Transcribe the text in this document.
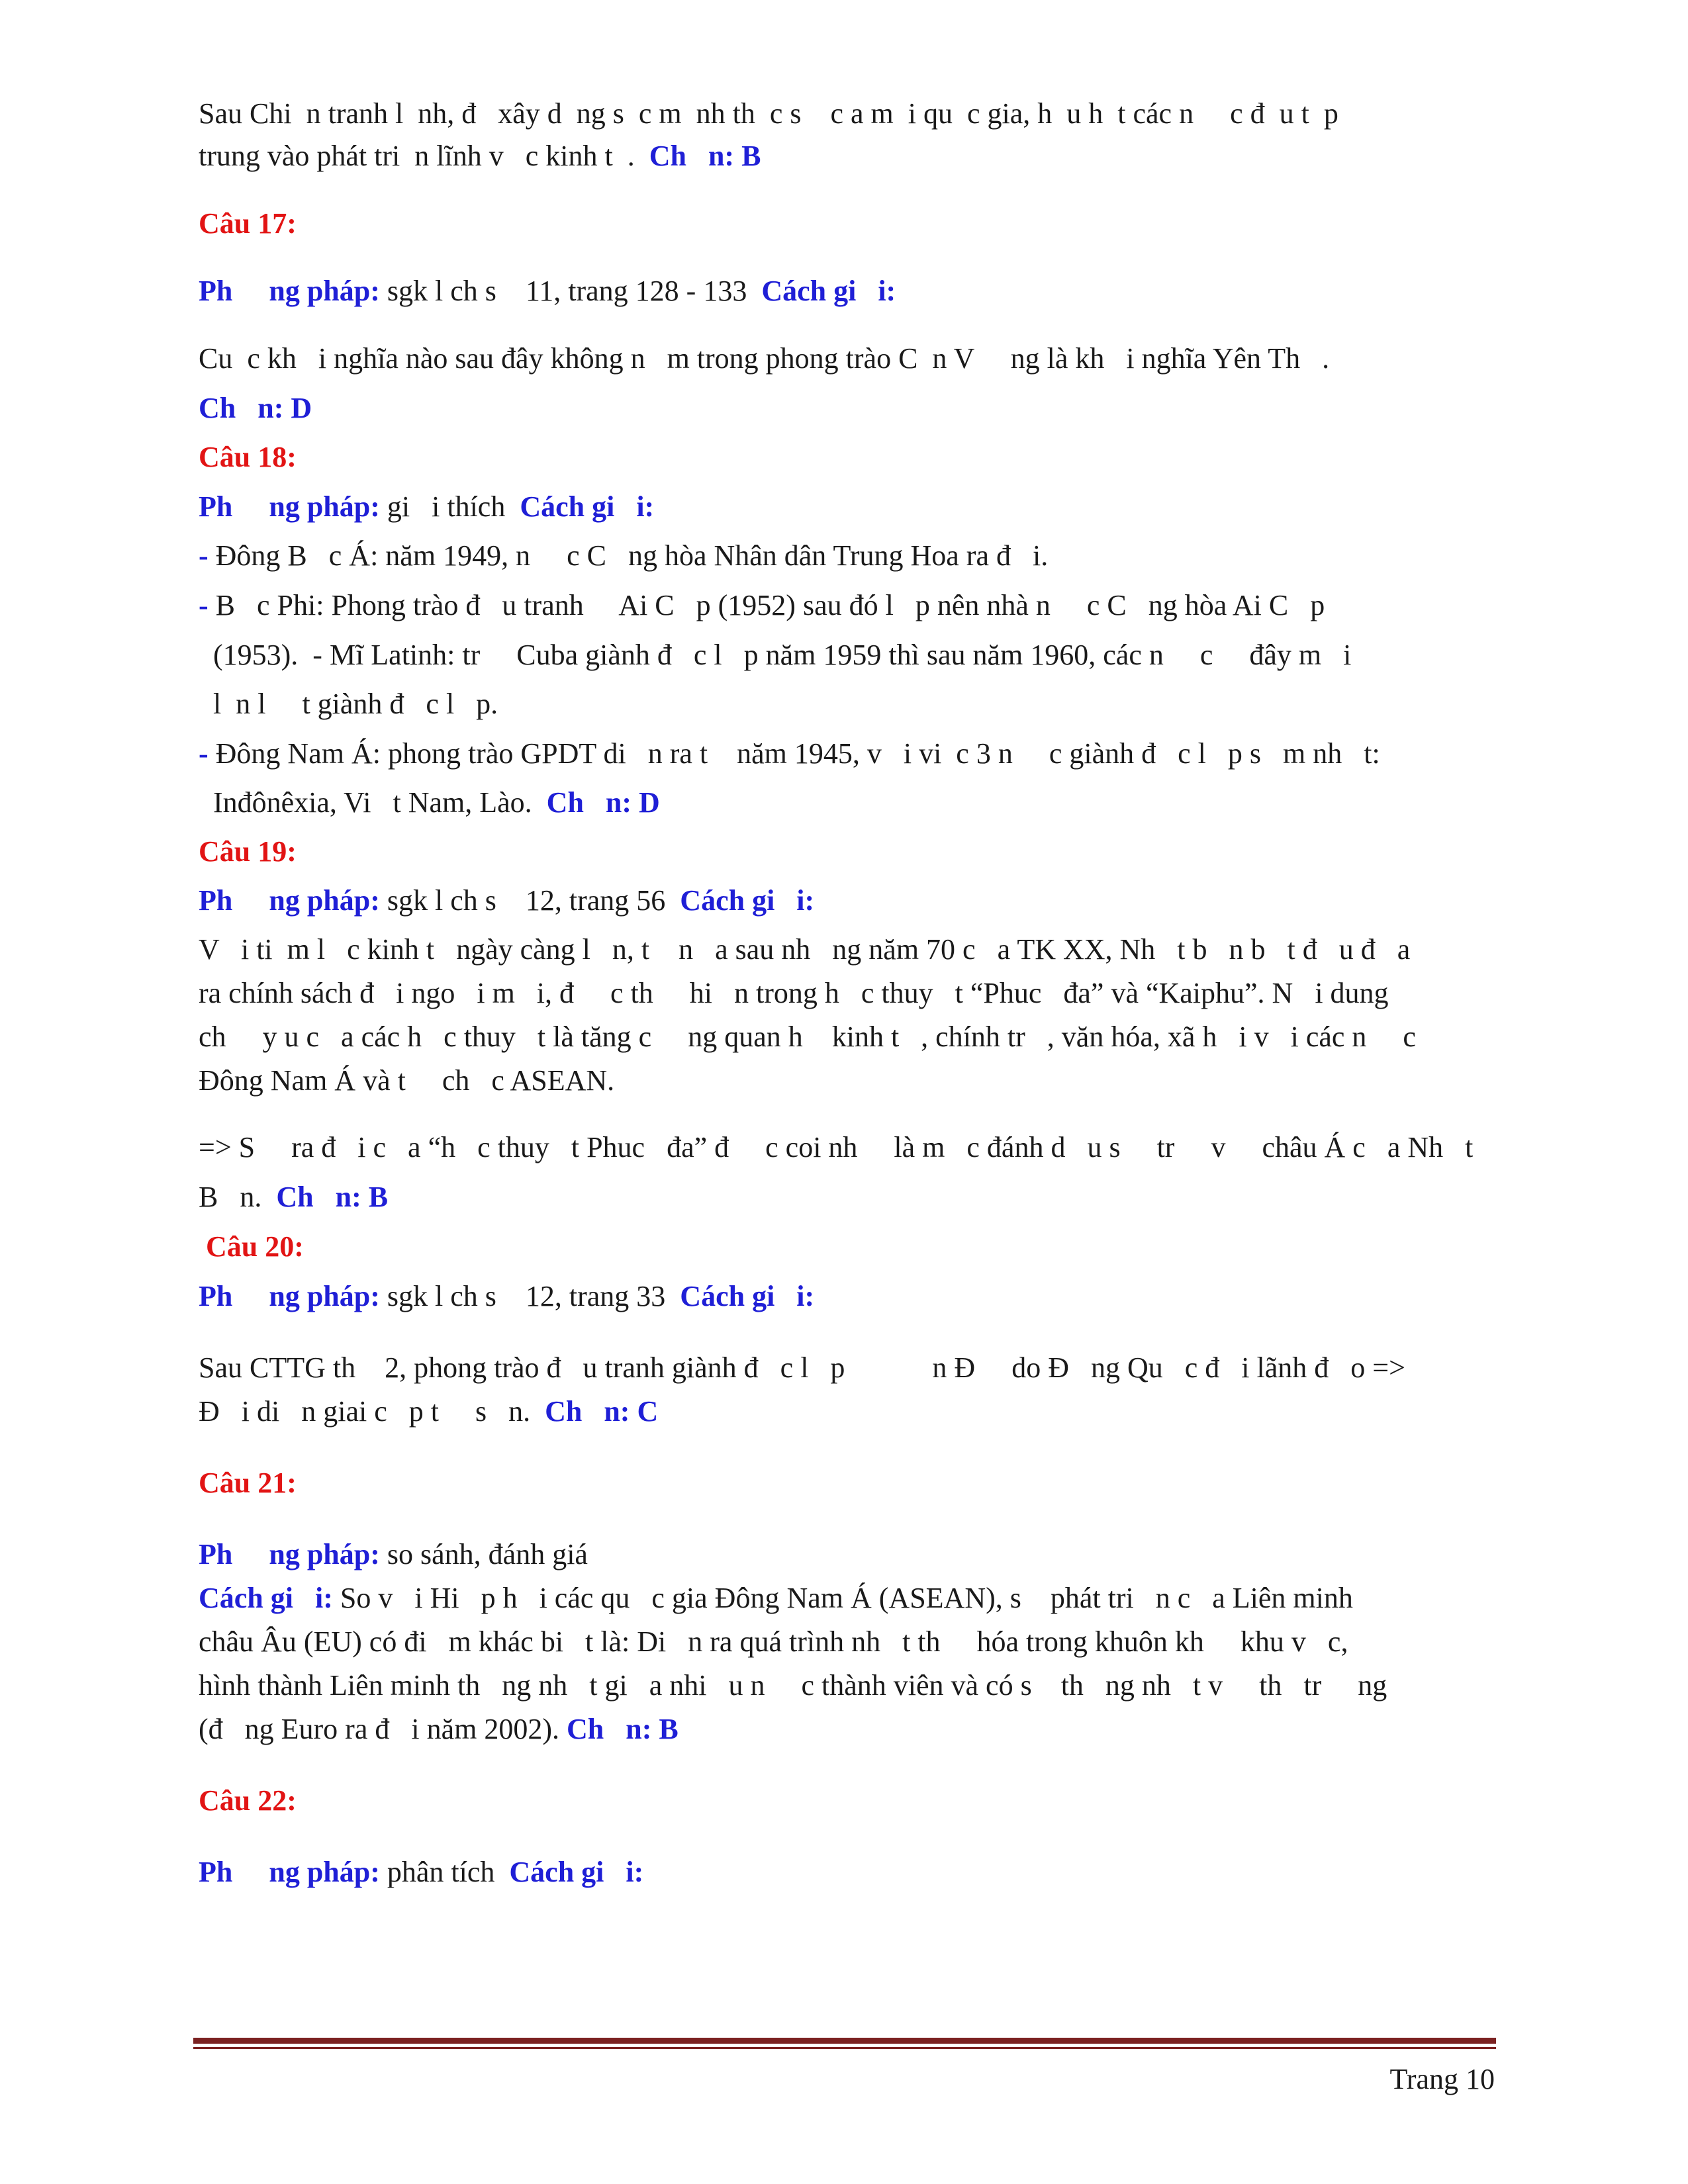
Sau Chi  n tranh l  nh, đ   xây d  ng s  c m  nh th  c s    c a m  i qu  c gia, h  u h  t các n     c đ  u t  p
trung vào phát tri  n lĩnh v   c kinh t  .  Ch   n: B
Câu 17:
Ph     ng pháp: sgk l ch s    11, trang 128 - 133  Cách gi   i:
Cu  c kh   i nghĩa nào sau đây không n   m trong phong trào C  n V     ng là kh   i nghĩa Yên Th   .
Ch   n: D
Câu 18:
Ph     ng pháp: gi   i thích  Cách gi   i:
- Đông B   c Á: năm 1949, n     c C   ng hòa Nhân dân Trung Hoa ra đ   i.
- B   c Phi: Phong trào đ   u tranh     Ai C   p (1952) sau đó l   p nên nhà n     c C   ng hòa Ai C   p
(1953).  - Mĩ Latinh: tr     Cuba giành đ   c l   p năm 1959 thì sau năm 1960, các n     c     đây m   i
l  n l     t giành đ   c l   p.
- Đông Nam Á: phong trào GPDT di   n ra t    năm 1945, v   i vi  c 3 n     c giành đ   c l   p s   m nh   t:
Inđônêxia, Vi   t Nam, Lào.  Ch   n: D
Câu 19:
Ph     ng pháp: sgk l ch s    12, trang 56  Cách gi   i:
V   i ti  m l   c kinh t   ngày càng l   n, t    n   a sau nh   ng năm 70 c   a TK XX, Nh   t b   n b   t đ   u đ   a
ra chính sách đ   i ngo   i m   i, đ     c th     hi   n trong h   c thuy   t “Phuc   đa” và “Kaiphu”. N   i dung
ch     y u c   a các h   c thuy   t là tăng c     ng quan h    kinh t   , chính tr   , văn hóa, xã h   i v   i các n     c
Đông Nam Á và t     ch   c ASEAN.
=> S     ra đ   i c   a “h   c thuy   t Phuc   đa” đ     c coi nh     là m   c đánh d   u s     tr     v     châu Á c   a Nh   t
B   n.  Ch   n: B
Câu 20:
Ph     ng pháp: sgk l ch s    12, trang 33  Cách gi   i:
Sau CTTG th    2, phong trào đ   u tranh giành đ   c l   p            n Đ     do Đ   ng Qu   c đ   i lãnh đ   o =>
Đ   i di   n giai c   p t     s   n.  Ch   n: C
Câu 21:
Ph     ng pháp: so sánh, đánh giá
Cách gi   i: So v   i Hi   p h   i các qu   c gia Đông Nam Á (ASEAN), s    phát tri   n c   a Liên minh
châu Âu (EU) có đi   m khác bi   t là: Di   n ra quá trình nh   t th     hóa trong khuôn kh     khu v   c,
hình thành Liên minh th   ng nh   t gi   a nhi   u n     c thành viên và có s    th   ng nh   t v     th   tr     ng
(đ   ng Euro ra đ   i năm 2002). Ch   n: B
Câu 22:
Ph     ng pháp: phân tích  Cách gi   i:
Trang 10
